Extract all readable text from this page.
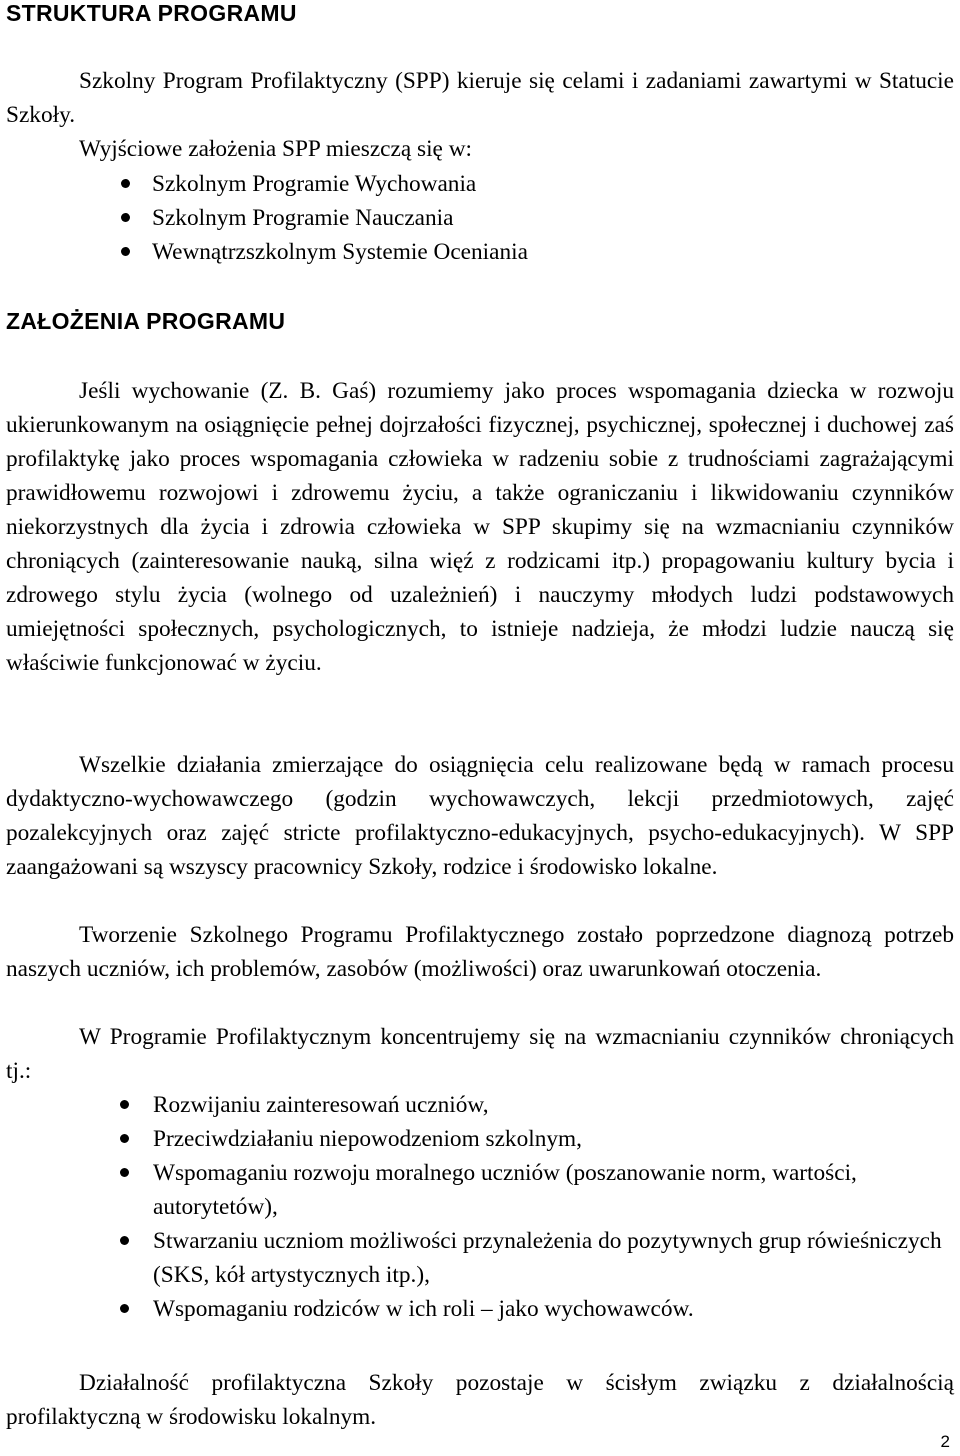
STRUKTURA PROGRAMU

Szkolny Program Profilaktyczny (SPP) kieruje się celami i zadaniami zawartymi w Statucie Szkoły.

Wyjściowe założenia SPP mieszczą się w:

Szkolnym Programie Wychowania
Szkolnym Programie Nauczania
Wewnątrzszkolnym Systemie Oceniania
ZAŁOŻENIA PROGRAMU

Jeśli wychowanie (Z. B. Gaś) rozumiemy jako proces wspomagania dziecka w rozwoju ukierunkowanym na osiągnięcie pełnej dojrzałości fizycznej, psychicznej, społecznej i duchowej zaś profilaktykę jako proces wspomagania człowieka w radzeniu sobie z trudnościami zagrażającymi prawidłowemu rozwojowi i zdrowemu życiu, a także ograniczaniu i likwidowaniu czynników niekorzystnych dla życia i zdrowia człowieka w SPP skupimy się na wzmacnianiu czynników chroniących (zainteresowanie nauką, silna więź z rodzicami itp.) propagowaniu kultury bycia i zdrowego stylu życia (wolnego od uzależnień) i nauczymy młodych ludzi podstawowych umiejętności społecznych, psychologicznych, to istnieje nadzieja, że młodzi ludzie nauczą się właściwie funkcjonować w życiu.

Wszelkie działania zmierzające do osiągnięcia celu realizowane będą w ramach procesu dydaktyczno-wychowawczego (godzin wychowawczych, lekcji przedmiotowych, zajęć pozalekcyjnych oraz zajęć stricte profilaktyczno-edukacyjnych, psycho-edukacyjnych). W SPP zaangażowani są wszyscy pracownicy Szkoły, rodzice i środowisko lokalne.

Tworzenie Szkolnego Programu Profilaktycznego zostało poprzedzone diagnozą potrzeb naszych uczniów, ich problemów, zasobów (możliwości) oraz uwarunkowań otoczenia.

W Programie Profilaktycznym koncentrujemy się na wzmacnianiu czynników chroniących tj.:

Rozwijaniu zainteresowań uczniów,
Przeciwdziałaniu niepowodzeniom szkolnym,
Wspomaganiu rozwoju moralnego uczniów (poszanowanie norm, wartości, autorytetów),
Stwarzaniu uczniom możliwości przynależenia do pozytywnych grup rówieśniczych (SKS, kół artystycznych itp.),
Wspomaganiu rodziców w ich roli – jako wychowawców.

Działalność profilaktyczna Szkoły pozostaje w ścisłym związku z działalnością profilaktyczną w środowisku lokalnym.

2
